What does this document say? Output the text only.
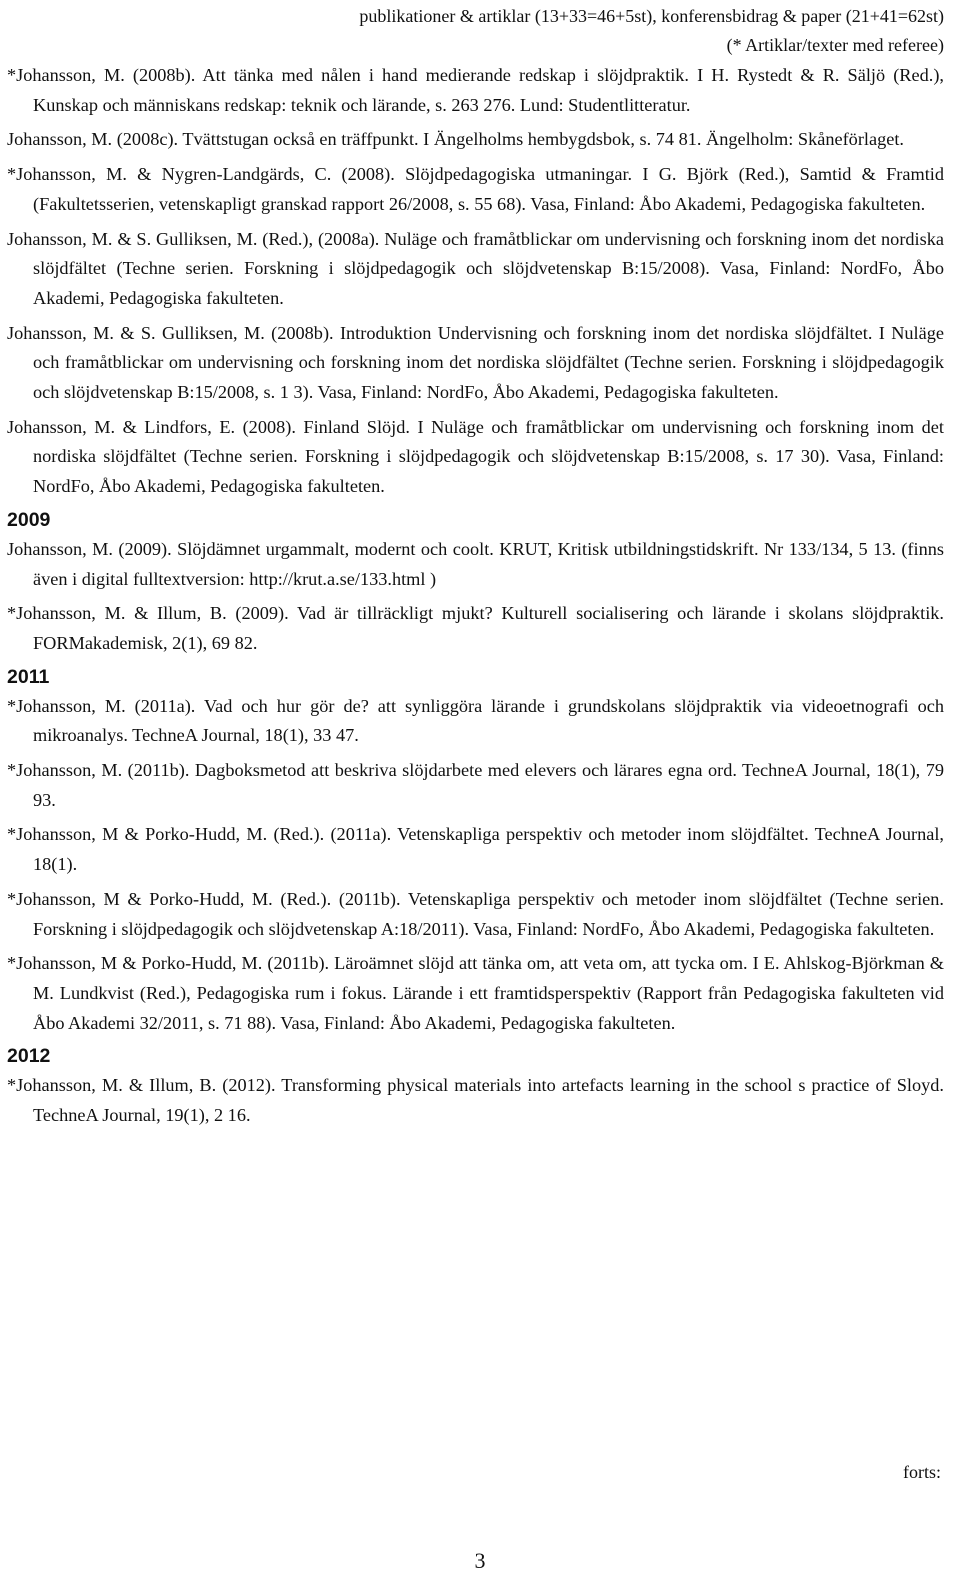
publikationer & artiklar (13+33=46+5st), konferensbidrag & paper (21+41=62st)
(* Artiklar/texter med referee)
*Johansson, M. (2008b). Att tänka med nålen i hand medierande redskap i slöjdpraktik. I H. Rystedt & R. Säljö (Red.), Kunskap och människans redskap: teknik och lärande, s. 263 276. Lund: Studentlitteratur.
Johansson, M. (2008c). Tvättstugan också en träffpunkt. I Ängelholms hembygdsbok, s. 74 81. Ängelholm: Skåneförlaget.
*Johansson, M. & Nygren-Landgärds, C. (2008). Slöjdpedagogiska utmaningar. I G. Björk (Red.), Samtid & Framtid (Fakultetsserien, vetenskapligt granskad rapport 26/2008, s. 55 68). Vasa, Finland: Åbo Akademi, Pedagogiska fakulteten.
Johansson, M. & S. Gulliksen, M. (Red.), (2008a). Nuläge och framåtblickar om undervisning och forskning inom det nordiska slöjdfältet (Techne serien. Forskning i slöjdpedagogik och slöjdvetenskap B:15/2008). Vasa, Finland: NordFo, Åbo Akademi, Pedagogiska fakulteten.
Johansson, M. & S. Gulliksen, M. (2008b). Introduktion Undervisning och forskning inom det nordiska slöjdfältet. I Nuläge och framåtblickar om undervisning och forskning inom det nordiska slöjdfältet (Techne serien. Forskning i slöjdpedagogik och slöjdvetenskap B:15/2008, s. 1 3). Vasa, Finland: NordFo, Åbo Akademi, Pedagogiska fakulteten.
Johansson, M. & Lindfors, E. (2008). Finland Slöjd. I Nuläge och framåtblickar om undervisning och forskning inom det nordiska slöjdfältet (Techne serien. Forskning i slöjdpedagogik och slöjdvetenskap B:15/2008, s. 17 30). Vasa, Finland: NordFo, Åbo Akademi, Pedagogiska fakulteten.
2009
Johansson, M. (2009). Slöjdämnet urgammalt, modernt och coolt. KRUT, Kritisk utbildningstidskrift. Nr 133/134, 5 13. (finns även i digital fulltextversion: http://krut.a.se/133.html )
*Johansson, M. & Illum, B. (2009). Vad är tillräckligt mjukt? Kulturell socialisering och lärande i skolans slöjdpraktik. FORMakademisk, 2(1), 69 82.
2011
*Johansson, M. (2011a). Vad och hur gör de? att synliggöra lärande i grundskolans slöjdpraktik via videoetnografi och mikroanalys. TechneA Journal, 18(1), 33 47.
*Johansson, M. (2011b). Dagboksmetod att beskriva slöjdarbete med elevers och lärares egna ord. TechneA Journal, 18(1), 79 93.
*Johansson, M & Porko-Hudd, M. (Red.). (2011a). Vetenskapliga perspektiv och metoder inom slöjdfältet. TechneA Journal, 18(1).
*Johansson, M & Porko-Hudd, M. (Red.). (2011b). Vetenskapliga perspektiv och metoder inom slöjdfältet (Techne serien. Forskning i slöjdpedagogik och slöjdvetenskap A:18/2011). Vasa, Finland: NordFo, Åbo Akademi, Pedagogiska fakulteten.
*Johansson, M & Porko-Hudd, M. (2011b). Läroämnet slöjd att tänka om, att veta om, att tycka om. I E. Ahlskog-Björkman & M. Lundkvist (Red.), Pedagogiska rum i fokus. Lärande i ett framtidsperspektiv (Rapport från Pedagogiska fakulteten vid Åbo Akademi 32/2011, s. 71 88). Vasa, Finland: Åbo Akademi, Pedagogiska fakulteten.
2012
*Johansson, M. & Illum, B. (2012). Transforming physical materials into artefacts learning in the school s practice of Sloyd. TechneA Journal, 19(1), 2 16.
forts:
3
